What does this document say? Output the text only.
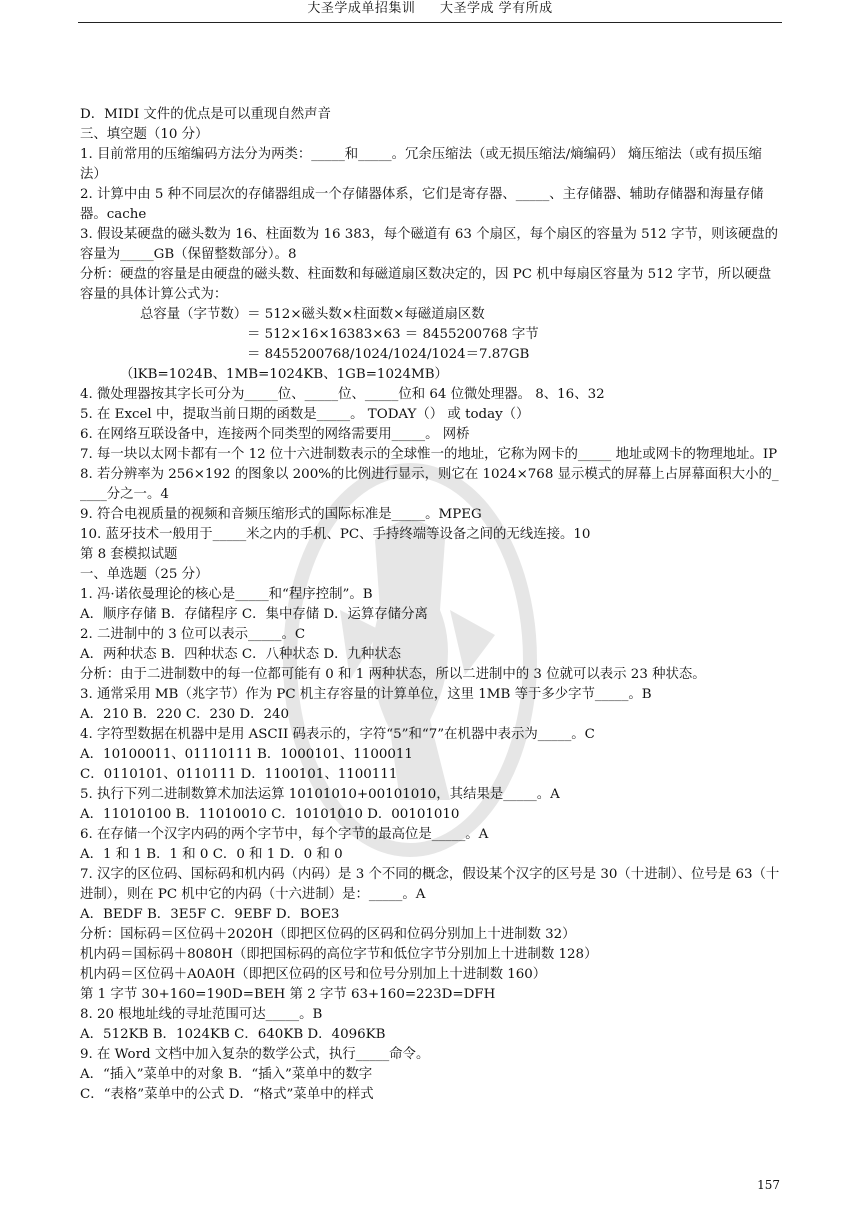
大圣学成单招集训 大圣学成 学有所成
D．MIDI 文件的优点是可以重现自然声音
三、填空题（10 分）
1. 目前常用的压缩编码方法分为两类：_____和_____。冗余压缩法（或无损压缩法/熵编码） 熵压缩法（或有损压缩法）
2. 计算中由 5 种不同层次的存储器组成一个存储器体系，它们是寄存器、_____、主存储器、辅助存储器和海量存储器。cache
3. 假设某硬盘的磁头数为 16、柱面数为 16 383，每个磁道有 63 个扇区，每个扇区的容量为 512 字节，则该硬盘的容量为_____GB（保留整数部分）。8
分析：硬盘的容量是由硬盘的磁头数、柱面数和每磁道扇区数决定的，因 PC 机中每扇区容量为 512 字节，所以硬盘容量的具体计算公式为：
总容量（字节数）＝ 512×磁头数×柱面数×每磁道扇区数
＝ 512×16×16383×63 ＝ 8455200768 字节
＝ 8455200768/1024/1024/1024＝7.87GB
（lKB=1024B、1MB=1024KB、1GB=1024MB）
4. 微处理器按其字长可分为_____位、_____位、_____位和 64 位微处理器。 8、16、32
5. 在 Excel 中，提取当前日期的函数是_____。 TODAY（） 或 today（）
6. 在网络互联设备中，连接两个同类型的网络需要用_____。 网桥
7. 每一块以太网卡都有一个 12 位十六进制数表示的全球惟一的地址，它称为网卡的_____ 地址或网卡的物理地址。IP
8. 若分辨率为 256×192 的图象以 200%的比例进行显示，则它在 1024×768 显示模式的屏幕上占屏幕面积大小的_____分之一。4
9. 符合电视质量的视频和音频压缩形式的国际标准是_____。MPEG
10. 蓝牙技术一般用于_____米之内的手机、PC、手持终端等设备之间的无线连接。10
第 8 套模拟试题
一、单选题（25 分）
1. 冯·诺依曼理论的核心是_____和“程序控制”。B
A．顺序存储 B．存储程序 C．集中存储 D．运算存储分离
2. 二进制中的 3 位可以表示_____。C
A．两种状态 B．四种状态 C．八种状态 D．九种状态
分析：由于二进制数中的每一位都可能有 0 和 1 两种状态，所以二进制中的 3 位就可以表示 23 种状态。
3. 通常采用 MB（兆字节）作为 PC 机主存容量的计算单位，这里 1MB 等于多少字节_____。B
A．210 B．220 C．230 D．240
4. 字符型数据在机器中是用 ASCII 码表示的，字符“5”和“7”在机器中表示为_____。C
A．10100011、01110111 B．1000101、1100011
C．0110101、0110111 D．1100101、1100111
5. 执行下列二进制数算术加法运算 10101010+00101010，其结果是_____。A
A．11010100 B．11010010 C．10101010 D．00101010
6. 在存储一个汉字内码的两个字节中，每个字节的最高位是_____。A
A．1 和 1 B．1 和 0 C．0 和 1 D．0 和 0
7. 汉字的区位码、国标码和机内码（内码）是 3 个不同的概念，假设某个汉字的区号是 30（十进制）、位号是 63（十进制），则在 PC 机中它的内码（十六进制）是：_____。A
A．BEDF B．3E5F C．9EBF D．BOE3
分析：国标码＝区位码＋2020H（即把区位码的区码和位码分别加上十进制数 32）
机内码＝国标码＋8080H（即把国标码的高位字节和低位字节分别加上十进制数 128）
机内码＝区位码＋A0A0H（即把区位码的区号和位号分别加上十进制数 160）
第 1 字节 30+160=190D=BEH 第 2 字节 63+160=223D=DFH
8. 20 根地址线的寻址范围可达_____。B
A．512KB B．1024KB C．640KB D．4096KB
9. 在 Word 文档中加入复杂的数学公式，执行_____命令。
A．“插入”菜单中的对象 B．“插入”菜单中的数字
C．“表格”菜单中的公式 D．“格式”菜单中的样式
157
